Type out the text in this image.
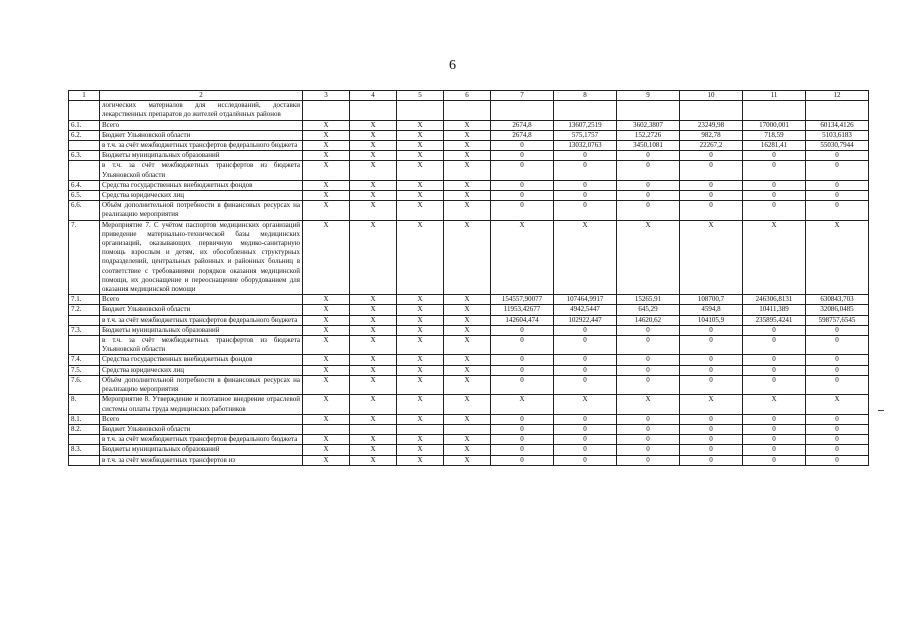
6
1	2	3	4	5	6	7	8	9	10	11	12
	логических материалов для исследований, доставки лекарственных препаратов до жителей отдалённых районов										
6.1.	Всего	X	X	X	X	2674,8	13607,2519	3602,3807	23249,98	17000,001	60134,4126
6.2.	Бюджет Ульяновской области	X	X	X	X	2674,8	575,1757	152,2726	982,78	718,59	5103,6183
	в т.ч. за счёт межбюджетных трансфертов федерального бюджета	X	X	X	X	0	13032,0763	3450,1081	22267,2	16281,41	55030,7944
6.3.	Бюджеты муниципальных образований	X	X	X	X	0	0	0	0	0	0
	в т.ч. за счёт межбюджетных трансфертов из бюджета Ульяновской области	X	X	X	X	0	0	0	0	0	0
6.4.	Средства государственных внебюджетных фондов	X	X	X	X	0	0	0	0	0	0
6.5.	Средства юридических лиц	X	X	X	X	0	0	0	0	0	0
6.6.	Объём дополнительной потребности в финансовых ресурсах на реализацию мероприятия	X	X	X	X	0	0	0	0	0	0
7.	Мероприятие 7. С учётом паспортов медицинских организаций приведение материально-технической базы медицинских организаций, оказывающих первичную медико-санитарную помощь взрослым и детям, их обособленных структурных подразделений, центральных районных и районных больниц в соответствие с требованиями порядков оказания медицинской помощи, их дооснащение и переоснащение оборудованием для оказания медицинской помощи	X	X	X	X	X	X	X	X	X	X
7.1.	Всего	X	X	X	X	154557,90077	107464,9917	15265,91	108700,7	246306,8131	630843,703
7.2.	Бюджет Ульяновской области	X	X	X	X	11953,42677	4942,5447	645,29	4594,8	10411,389	32086,0485
	в т.ч. за счёт межбюджетных трансфертов федерального бюджета	X	X	X	X	142604,474	102922,447	14620,62	104105,9	235895,4241	598757,6545
7.3.	Бюджеты муниципальных образований	X	X	X	X	0	0	0	0	0	0
	в т.ч. за счёт межбюджетных трансфертов из бюджета Ульяновской области	X	X	X	X	0	0	0	0	0	0
7.4.	Средства государственных внебюджетных фондов	X	X	X	X	0	0	0	0	0	0
7.5.	Средства юридических лиц	X	X	X	X	0	0	0	0	0	0
7.6.	Объём дополнительной потребности в финансовых ресурсах на реализацию мероприятия	X	X	X	X	0	0	0	0	0	0
8.	Мероприятие 8. Утверждение и поэтапное внедрение отраслевой системы оплаты труда медицинских работников	X	X	X	X	X	X	X	X	X	X
8.1.	Всего	X	X	X	X	0	0	0	0	0	0
8.2.	Бюджет Ульяновской области					0	0	0	0	0	0
	в т.ч. за счёт межбюджетных трансфертов федерального бюджета	X	X	X	X	0	0	0	0	0	0
8.3.	Бюджеты муниципальных образований	X	X	X	X	0	0	0	0	0	0
	в т.ч. за счёт межбюджетных трансфертов из	X	X	X	X	0	0	0	0	0	0
